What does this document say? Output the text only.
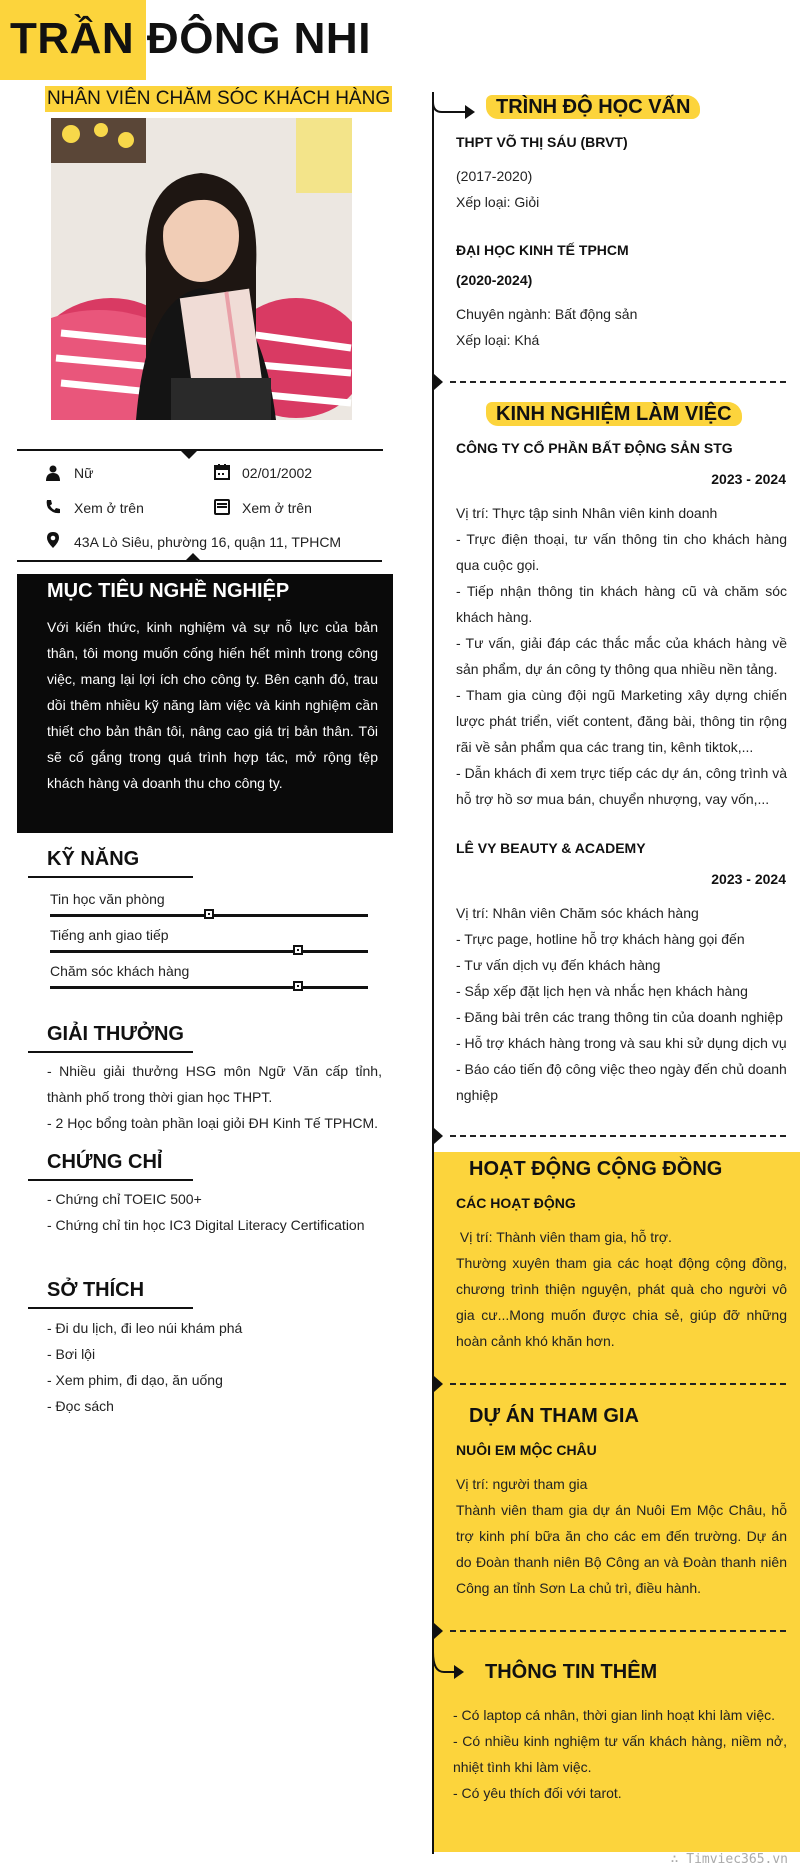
TRẦN ĐÔNG NHI
NHÂN VIÊN CHĂM SÓC KHÁCH HÀNG
Nữ	02/01/2002
Xem ở trên	Xem ở trên
43A Lò Siêu, phường 16, quận 11, TPHCM
MỤC TIÊU NGHỀ NGHIỆP
Với kiến thức, kinh nghiệm và sự nỗ lực của bản thân, tôi mong muốn cống hiến hết mình trong công việc, mang lại lợi ích cho công ty. Bên cạnh đó, trau dồi thêm nhiều kỹ năng làm việc và kinh nghiệm cần thiết cho bản thân tôi, nâng cao giá trị bản thân. Tôi sẽ cố gắng trong quá trình hợp tác, mở rộng tệp khách hàng và doanh thu cho công ty.
KỸ NĂNG
Tin học văn phòng
Tiếng anh giao tiếp
Chăm sóc khách hàng
GIẢI THƯỞNG
- Nhiều giải thưởng HSG môn Ngữ Văn cấp tỉnh, thành phố trong thời gian học THPT.
- 2 Học bổng toàn phần loại giỏi ĐH Kinh Tế TPHCM.
CHỨNG CHỈ
- Chứng chỉ TOEIC 500+
- Chứng chỉ tin học IC3 Digital Literacy Certification
SỞ THÍCH
- Đi du lịch, đi leo núi khám phá
- Bơi lội
- Xem phim, đi dạo, ăn uống
- Đọc sách
TRÌNH ĐỘ HỌC VẤN
THPT VÕ THỊ SÁU (BRVT)
(2017-2020)
Xếp loại: Giỏi
ĐẠI HỌC KINH TẾ TPHCM
(2020-2024)
Chuyên ngành: Bất động sản
Xếp loại: Khá
KINH NGHIỆM LÀM VIỆC
CÔNG TY CỔ PHẦN BẤT ĐỘNG SẢN STG
2023 - 2024
Vị trí: Thực tập sinh Nhân viên kinh doanh
- Trực điện thoại, tư vấn thông tin cho khách hàng qua cuộc gọi.
- Tiếp nhận thông tin khách hàng cũ và chăm sóc khách hàng.
- Tư vấn, giải đáp các thắc mắc của khách hàng về sản phẩm, dự án công ty thông qua nhiều nền tảng.
- Tham gia cùng đội ngũ Marketing xây dựng chiến lược phát triển, viết content, đăng bài, thông tin rộng rãi về sản phẩm qua các trang tin, kênh tiktok,...
- Dẫn khách đi xem trực tiếp các dự án, công trình và hỗ trợ hồ sơ mua bán, chuyển nhượng, vay vốn,...
LÊ VY BEAUTY & ACADEMY
2023 - 2024
Vị trí: Nhân viên Chăm sóc khách hàng
- Trực page, hotline hỗ trợ khách hàng gọi đến
- Tư vấn dịch vụ đến khách hàng
- Sắp xếp đặt lịch hẹn và nhắc hẹn khách hàng
- Đăng bài trên các trang thông tin của doanh nghiệp
- Hỗ trợ khách hàng trong và sau khi sử dụng dịch vụ
- Báo cáo tiến độ công việc theo ngày đến chủ doanh nghiệp
HOẠT ĐỘNG CỘNG ĐỒNG
CÁC HOẠT ĐỘNG
Vị trí: Thành viên tham gia, hỗ trợ.
Thường xuyên tham gia các hoạt động cộng đồng, chương trình thiện nguyện, phát quà cho người vô gia cư...Mong muốn được chia sẻ, giúp đỡ những hoàn cảnh khó khăn hơn.
DỰ ÁN THAM GIA
NUÔI EM MỘC CHÂU
Vị trí: người tham gia
Thành viên tham gia dự án Nuôi Em Mộc Châu, hỗ trợ kinh phí bữa ăn cho các em đến trường. Dự án do Đoàn thanh niên Bộ Công an và Đoàn thanh niên Công an tỉnh Sơn La chủ trì, điều hành.
THÔNG TIN THÊM
- Có laptop cá nhân, thời gian linh hoạt khi làm việc.
- Có nhiều kinh nghiệm tư vấn khách hàng, niềm nở, nhiệt tình khi làm việc.
- Có yêu thích đối với tarot.
∴ Timviec365.vn
